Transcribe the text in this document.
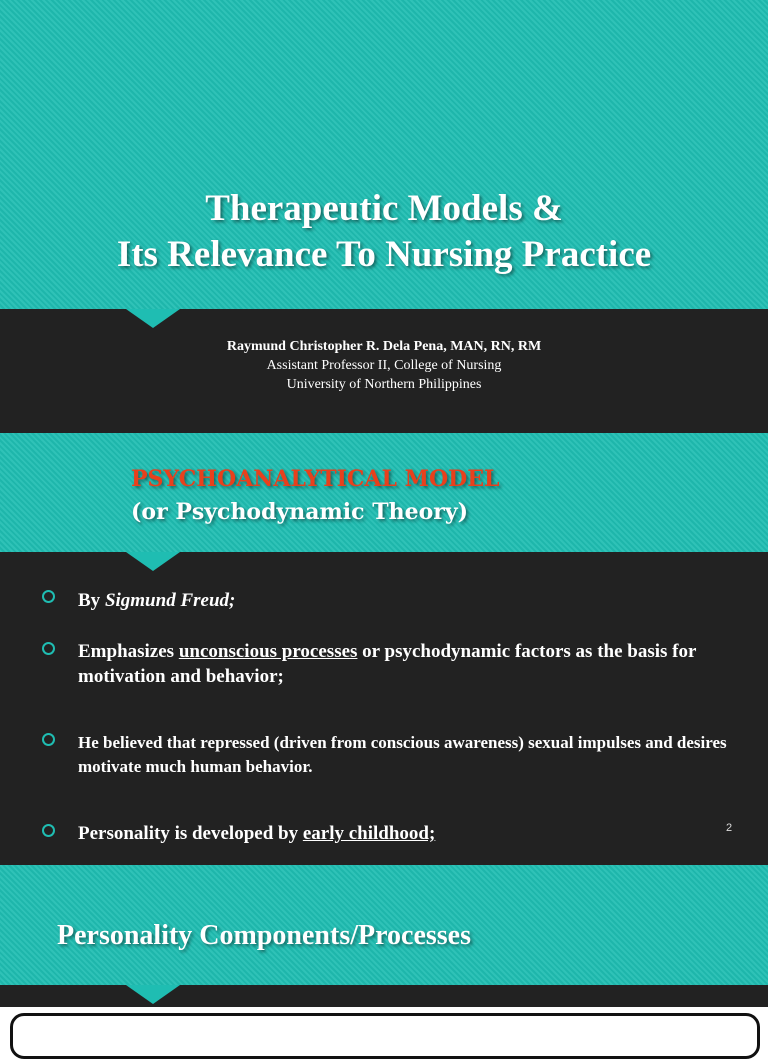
Therapeutic Models &
Its Relevance To Nursing Practice
Raymund Christopher R. Dela Pena, MAN, RN, RM
Assistant Professor II, College of Nursing
University of Northern Philippines
PSYCHOANALYTICAL MODEL
(or Psychodynamic Theory)
By Sigmund Freud;
Emphasizes unconscious processes or psychodynamic factors as the basis for motivation and behavior;
He believed that repressed (driven from conscious awareness) sexual impulses and desires motivate much human behavior.
Personality is developed by early childhood;	2
Personality Components/Processes
